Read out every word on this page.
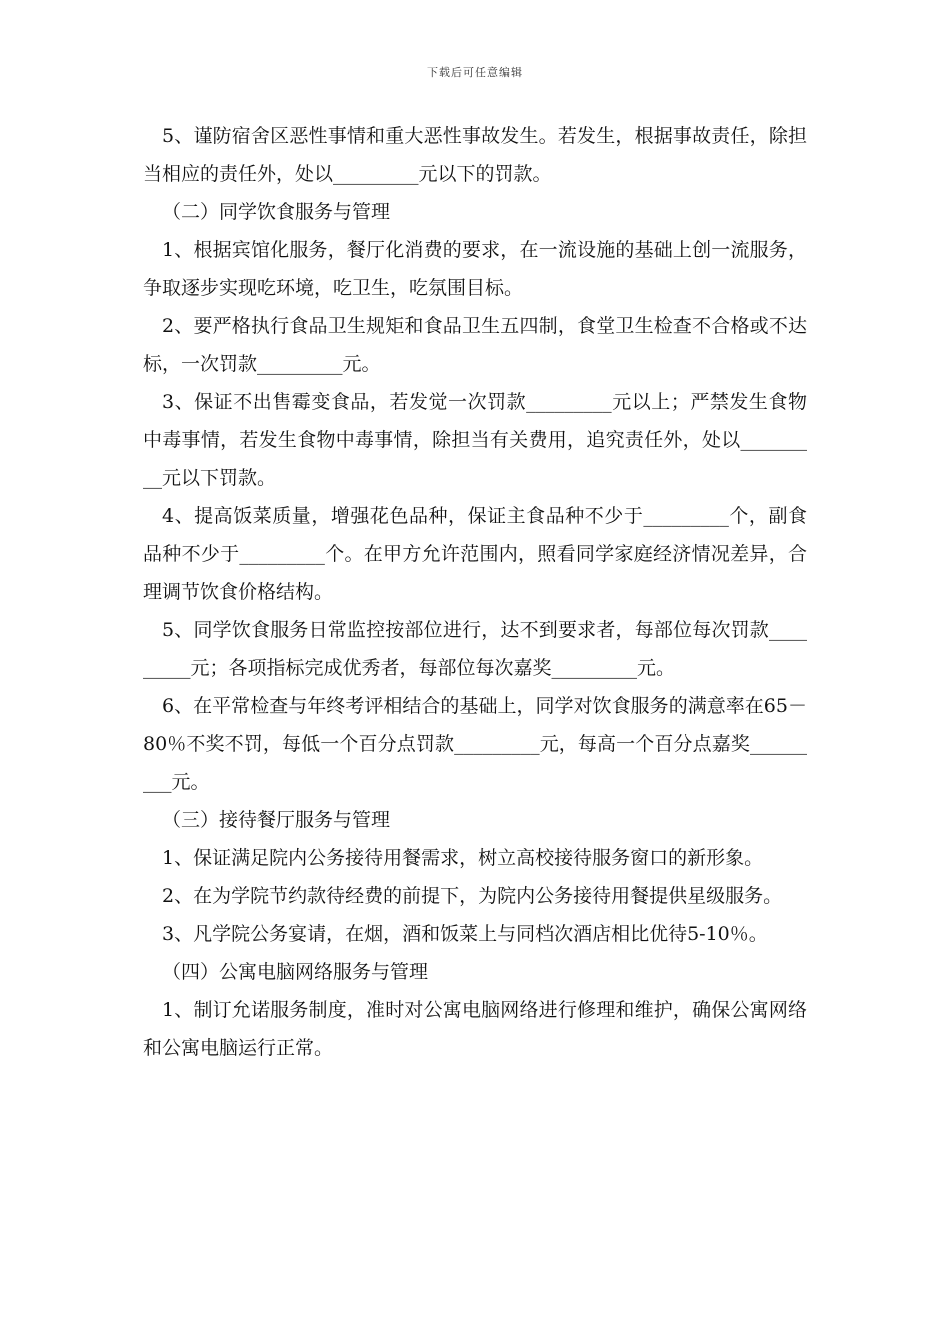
下载后可任意编辑

5、谨防宿舍区恶性事情和重大恶性事故发生。若发生，根据事故责任，除担当相应的责任外，处以_________元以下的罚款。

（二）同学饮食服务与管理

1、根据宾馆化服务，餐厅化消费的要求，在一流设施的基础上创一流服务，争取逐步实现吃环境，吃卫生，吃氛围目标。

2、要严格执行食品卫生规矩和食品卫生五四制，食堂卫生检查不合格或不达标，一次罚款_________元。

3、保证不出售霉变食品，若发觉一次罚款_________元以上；严禁发生食物中毒事情，若发生食物中毒事情，除担当有关费用，追究责任外，处以_________元以下罚款。

4、提高饭菜质量，增强花色品种，保证主食品种不少于_________个，副食品种不少于_________个。在甲方允许范围内，照看同学家庭经济情况差异，合理调节饮食价格结构。

5、同学饮食服务日常监控按部位进行，达不到要求者，每部位每次罚款_________元；各项指标完成优秀者，每部位每次嘉奖_________元。

6、在平常检查与年终考评相结合的基础上，同学对饮食服务的满意率在65－80％不奖不罚，每低一个百分点罚款_________元，每高一个百分点嘉奖_________元。

（三）接待餐厅服务与管理

1、保证满足院内公务接待用餐需求，树立高校接待服务窗口的新形象。

2、在为学院节约款待经费的前提下，为院内公务接待用餐提供星级服务。

3、凡学院公务宴请，在烟，酒和饭菜上与同档次酒店相比优待5-10％。

（四）公寓电脑网络服务与管理

1、制订允诺服务制度，准时对公寓电脑网络进行修理和维护，确保公寓网络和公寓电脑运行正常。
